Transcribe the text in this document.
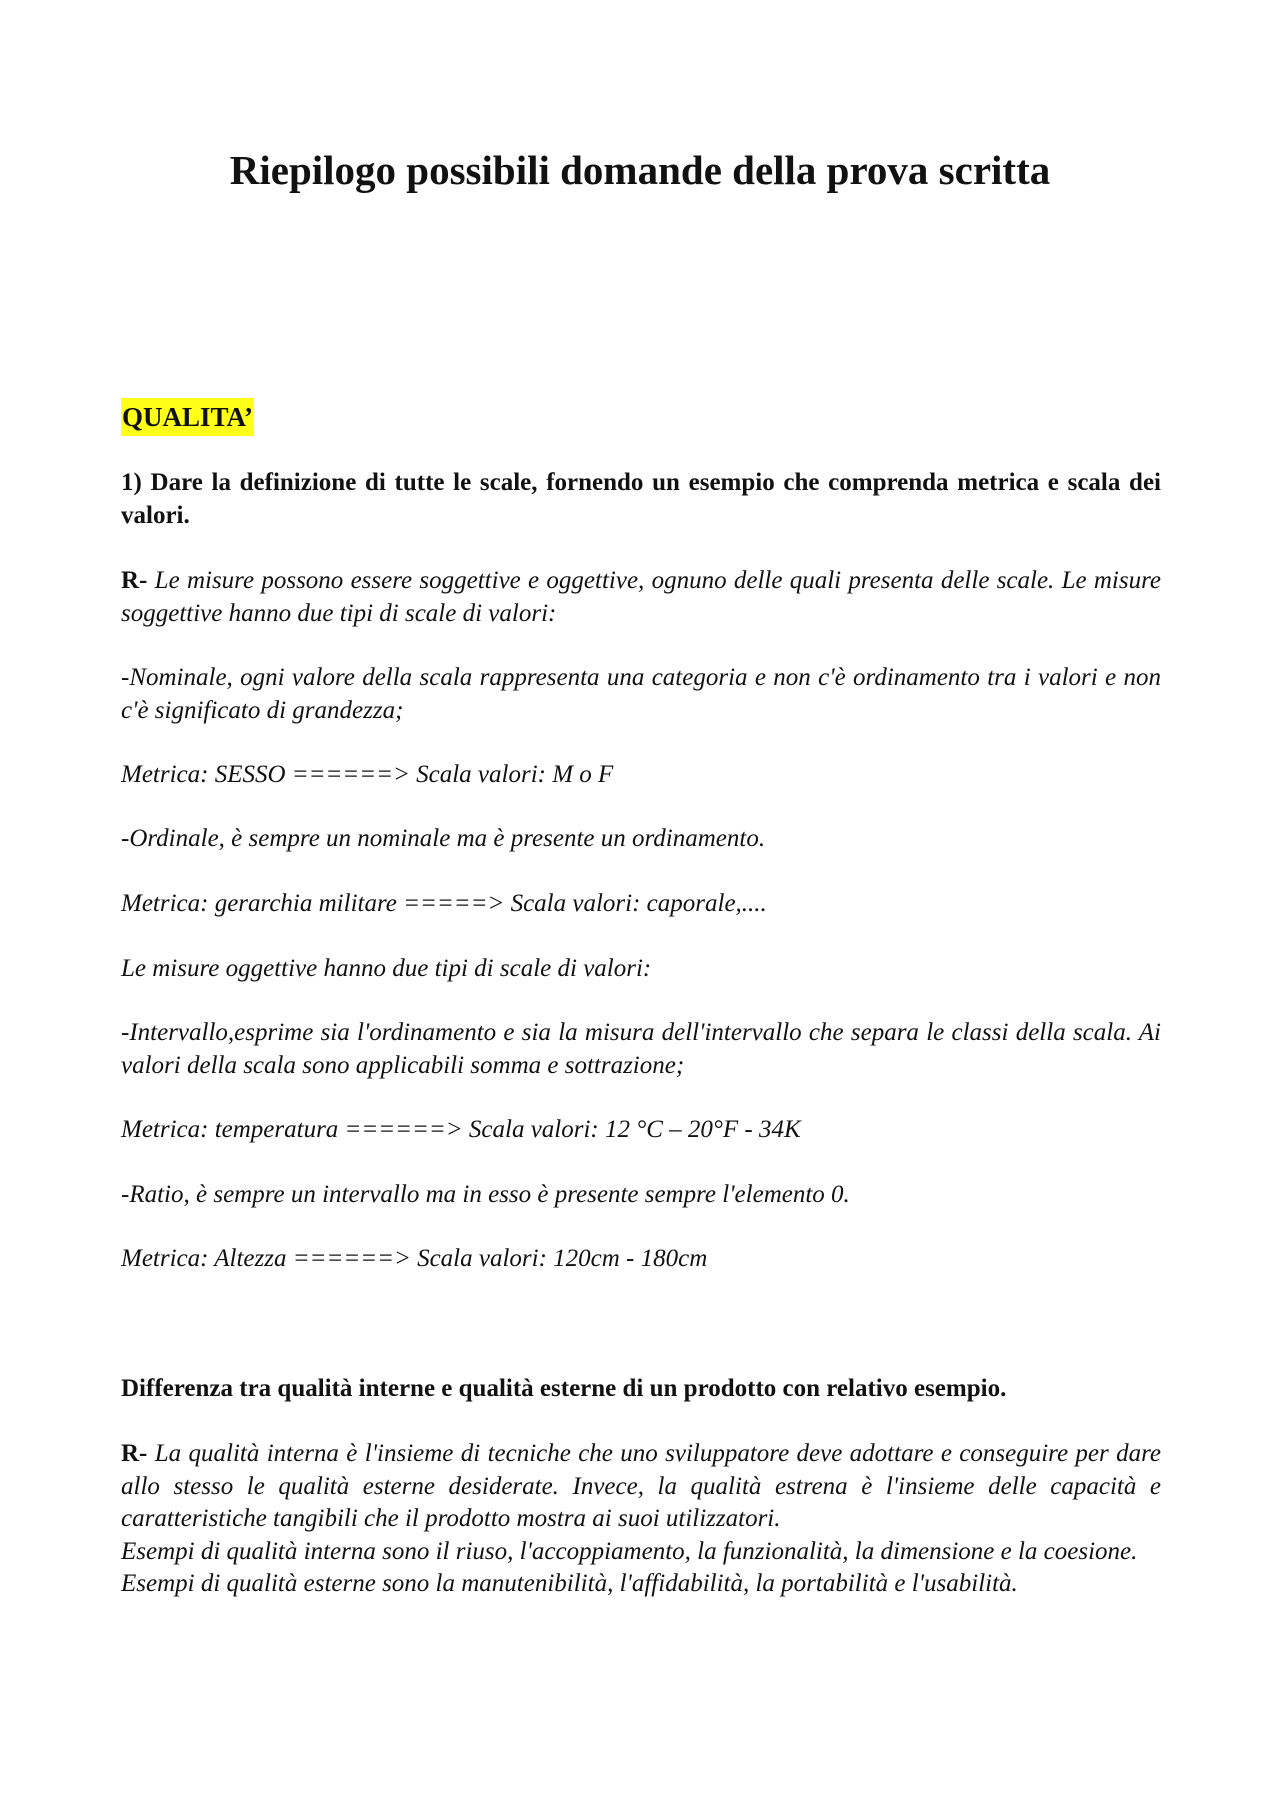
Riepilogo possibili domande della prova scritta
QUALITA’

1) Dare la definizione di tutte le scale, fornendo un esempio che comprenda metrica e scala dei valori.

R- Le misure possono essere soggettive e oggettive, ognuno delle quali presenta delle scale. Le misure soggettive hanno due tipi di scale di valori:

-Nominale, ogni valore della scala rappresenta una categoria e non c'è ordinamento tra i valori e non c'è significato di grandezza;

Metrica: SESSO ======> Scala valori: M o F

-Ordinale, è sempre un nominale ma è presente un ordinamento.

Metrica: gerarchia militare =====> Scala valori: caporale,....

Le misure oggettive hanno due tipi di scale di valori:

-Intervallo,esprime sia l'ordinamento e sia la misura dell'intervallo che separa le classi della scala. Ai valori della scala sono applicabili somma e sottrazione;

Metrica: temperatura ======> Scala valori: 12 °C – 20°F - 34K

-Ratio, è sempre un intervallo ma in esso è presente sempre l'elemento 0.

Metrica: Altezza ======> Scala valori: 120cm - 180cm

Differenza tra qualità interne e qualità esterne di un prodotto con relativo esempio.

R- La qualità interna è l'insieme di tecniche che uno sviluppatore deve adottare e conseguire per dare allo stesso le qualità esterne desiderate. Invece, la qualità estrena è l'insieme delle capacità e caratteristiche tangibili che il prodotto mostra ai suoi utilizzatori.
Esempi di qualità interna sono il riuso, l'accoppiamento, la funzionalità, la dimensione e la coesione.
Esempi di qualità esterne sono la manutenibilità, l'affidabilità, la portabilità e l'usabilità.
